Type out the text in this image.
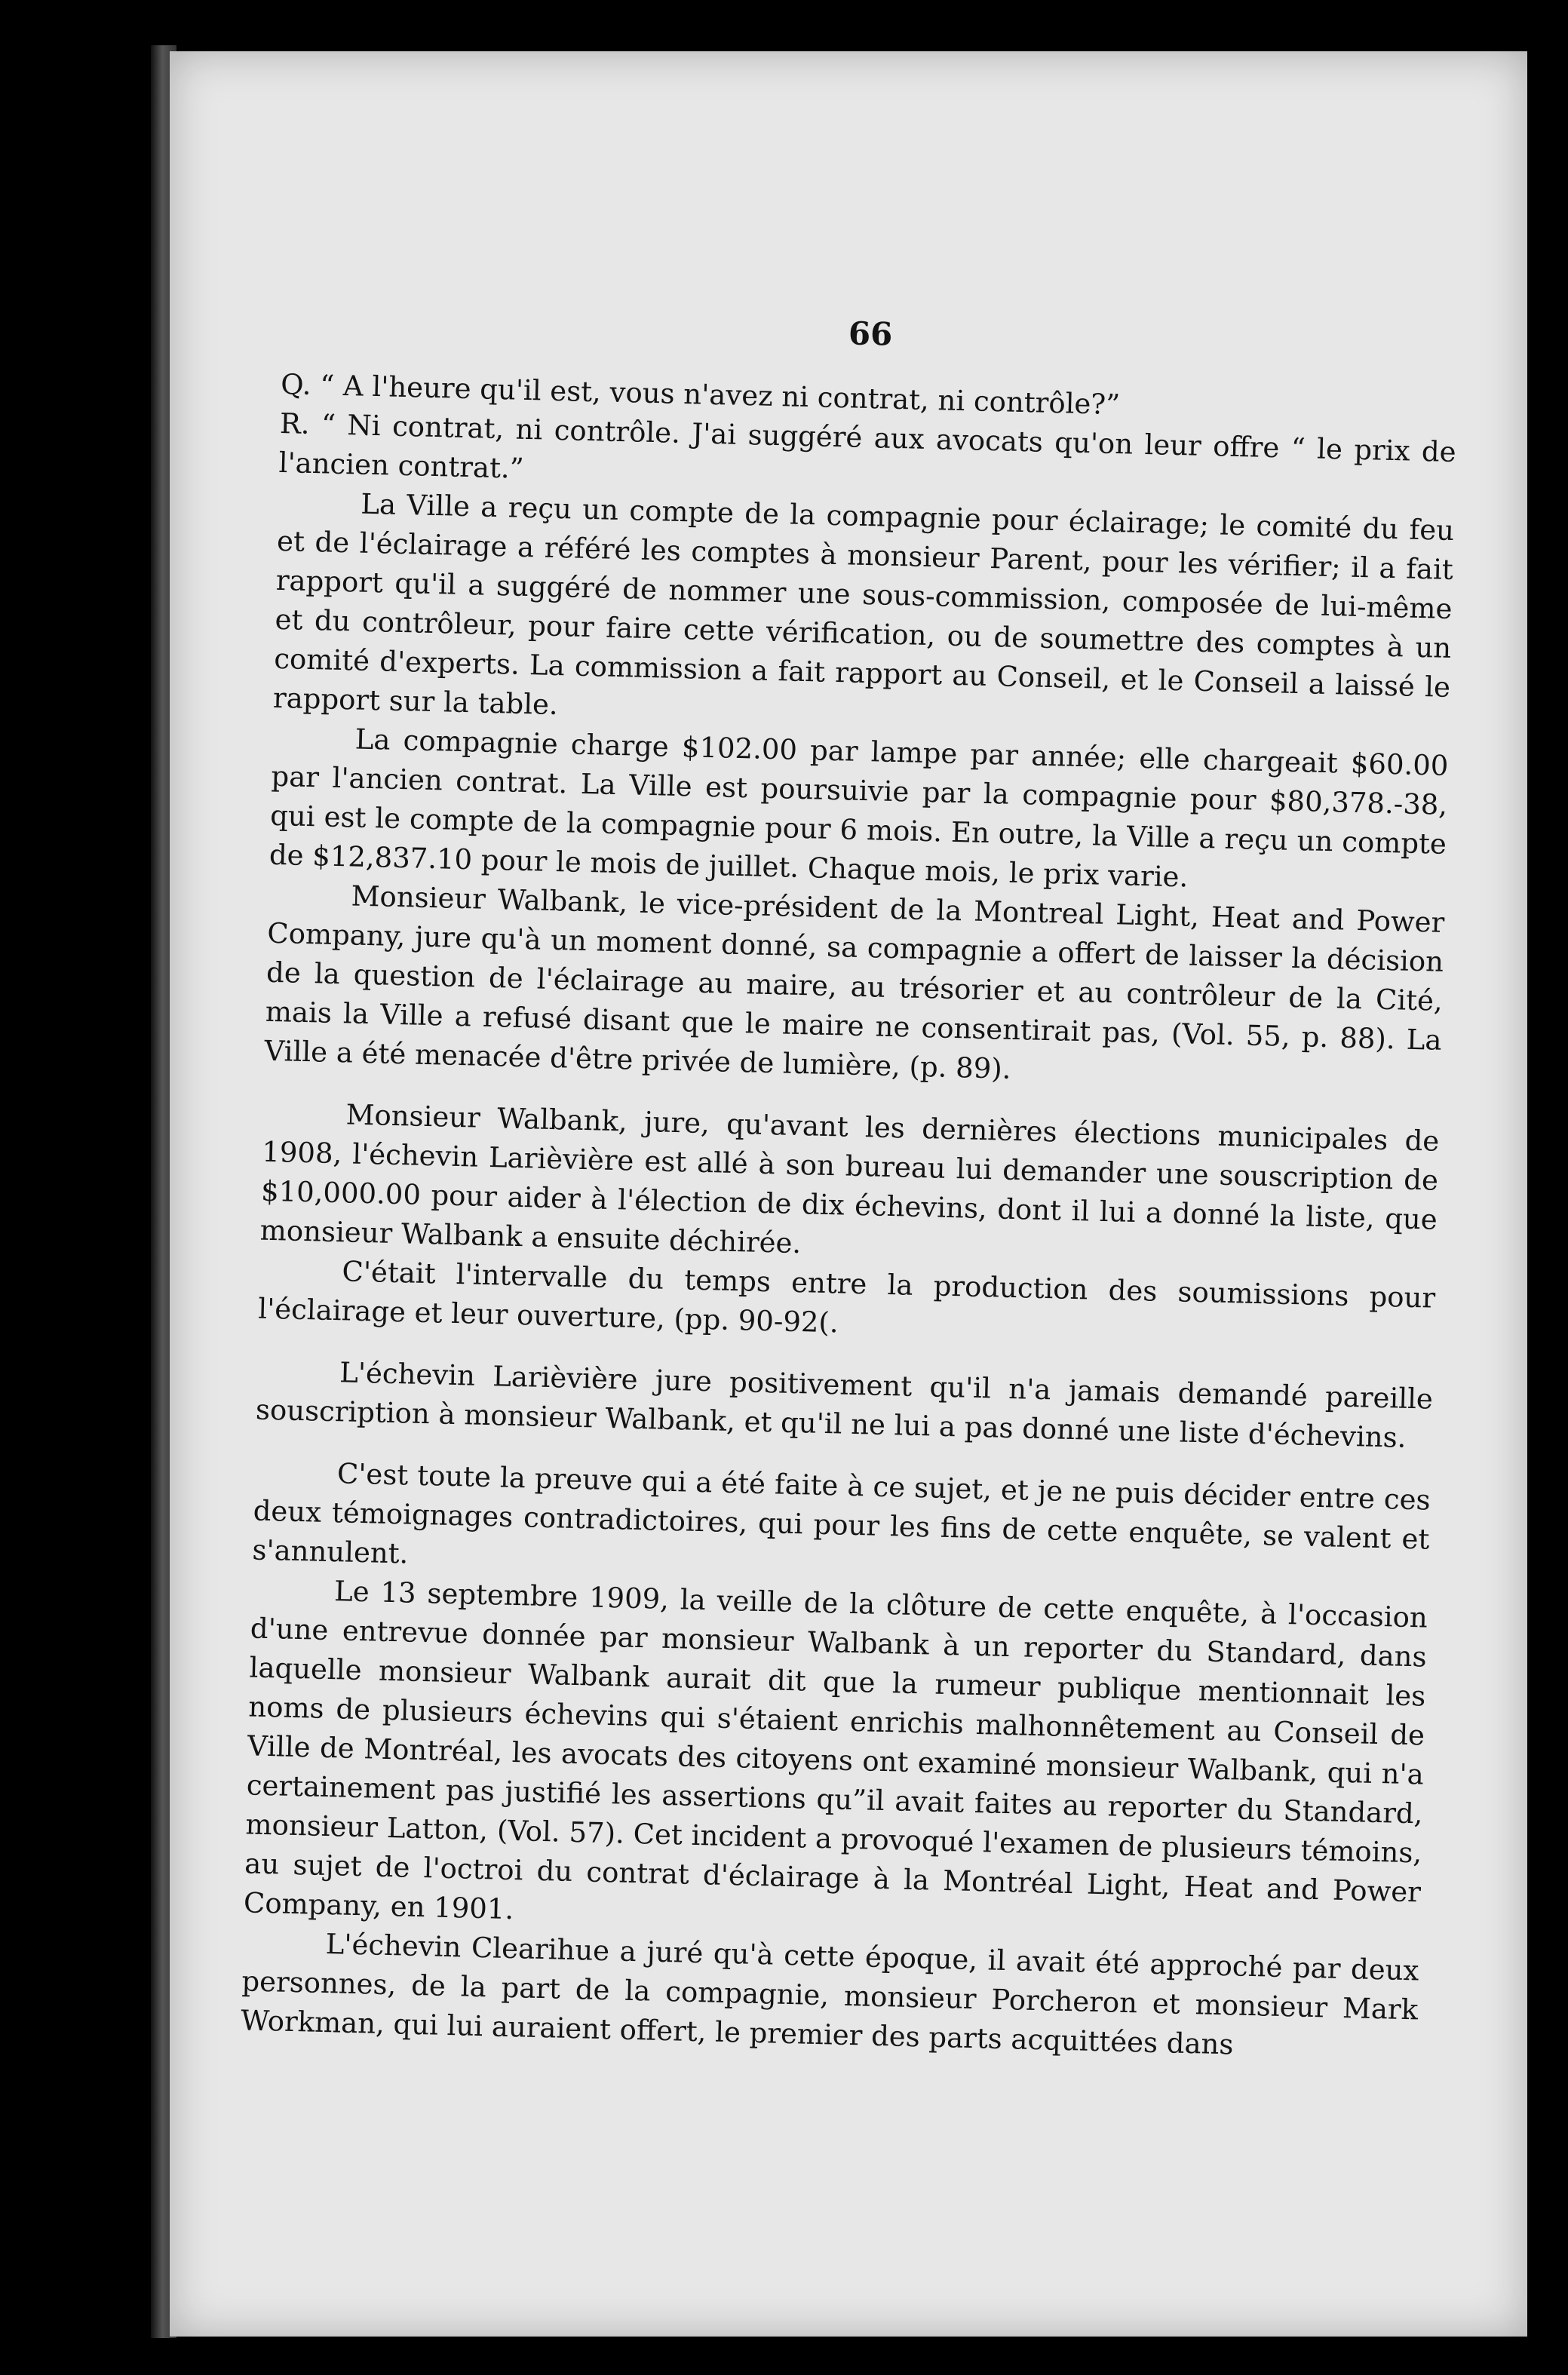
66

Q. “ A l'heure qu'il est, vous n'avez ni contrat, ni contrôle?”

R. “ Ni contrat, ni contrôle. J'ai suggéré aux avocats qu'on leur offre “ le prix de l'ancien contrat.”

La Ville a reçu un compte de la compagnie pour éclairage; le comité du feu et de l'éclairage a référé les comptes à monsieur Parent, pour les vérifier; il a fait rapport qu'il a suggéré de nommer une sous-commission, composée de lui-même et du contrôleur, pour faire cette vérification, ou de soumettre des comptes à un comité d'experts. La commission a fait rapport au Conseil, et le Conseil a laissé le rapport sur la table.

La compagnie charge $102.00 par lampe par année; elle chargeait $60.00 par l'ancien contrat. La Ville est poursuivie par la compagnie pour $80,378.-38, qui est le compte de la compagnie pour 6 mois. En outre, la Ville a reçu un compte de $12,837.10 pour le mois de juillet. Chaque mois, le prix varie.

Monsieur Walbank, le vice-président de la Montreal Light, Heat and Power Company, jure qu'à un moment donné, sa compagnie a offert de laisser la décision de la question de l'éclairage au maire, au trésorier et au contrôleur de la Cité, mais la Ville a refusé disant que le maire ne consentirait pas, (Vol. 55, p. 88). La Ville a été menacée d'être privée de lumière, (p. 89).

Monsieur Walbank, jure, qu'avant les dernières élections municipales de 1908, l'échevin Larièvière est allé à son bureau lui demander une souscription de $10,000.00 pour aider à l'élection de dix échevins, dont il lui a donné la liste, que monsieur Walbank a ensuite déchirée.

C'était l'intervalle du temps entre la production des soumissions pour l'éclairage et leur ouverture, (pp. 90-92(.

L'échevin Larièvière jure positivement qu'il n'a jamais demandé pareille souscription à monsieur Walbank, et qu'il ne lui a pas donné une liste d'échevins.

C'est toute la preuve qui a été faite à ce sujet, et je ne puis décider entre ces deux témoignages contradictoires, qui pour les fins de cette enquête, se valent et s'annulent.

Le 13 septembre 1909, la veille de la clôture de cette enquête, à l'occasion d'une entrevue donnée par monsieur Walbank à un reporter du Standard, dans laquelle monsieur Walbank aurait dit que la rumeur publique mentionnait les noms de plusieurs échevins qui s'étaient enrichis malhonnêtement au Conseil de Ville de Montréal, les avocats des citoyens ont examiné monsieur Walbank, qui n'a certainement pas justifié les assertions qu”il avait faites au reporter du Standard, monsieur Latton, (Vol. 57). Cet incident a provoqué l'examen de plusieurs témoins, au sujet de l'octroi du contrat d'éclairage à la Montréal Light, Heat and Power Company, en 1901.

L'échevin Clearihue a juré qu'à cette époque, il avait été approché par deux personnes, de la part de la compagnie, monsieur Porcheron et monsieur Mark Workman, qui lui auraient offert, le premier des parts acquittées dans
